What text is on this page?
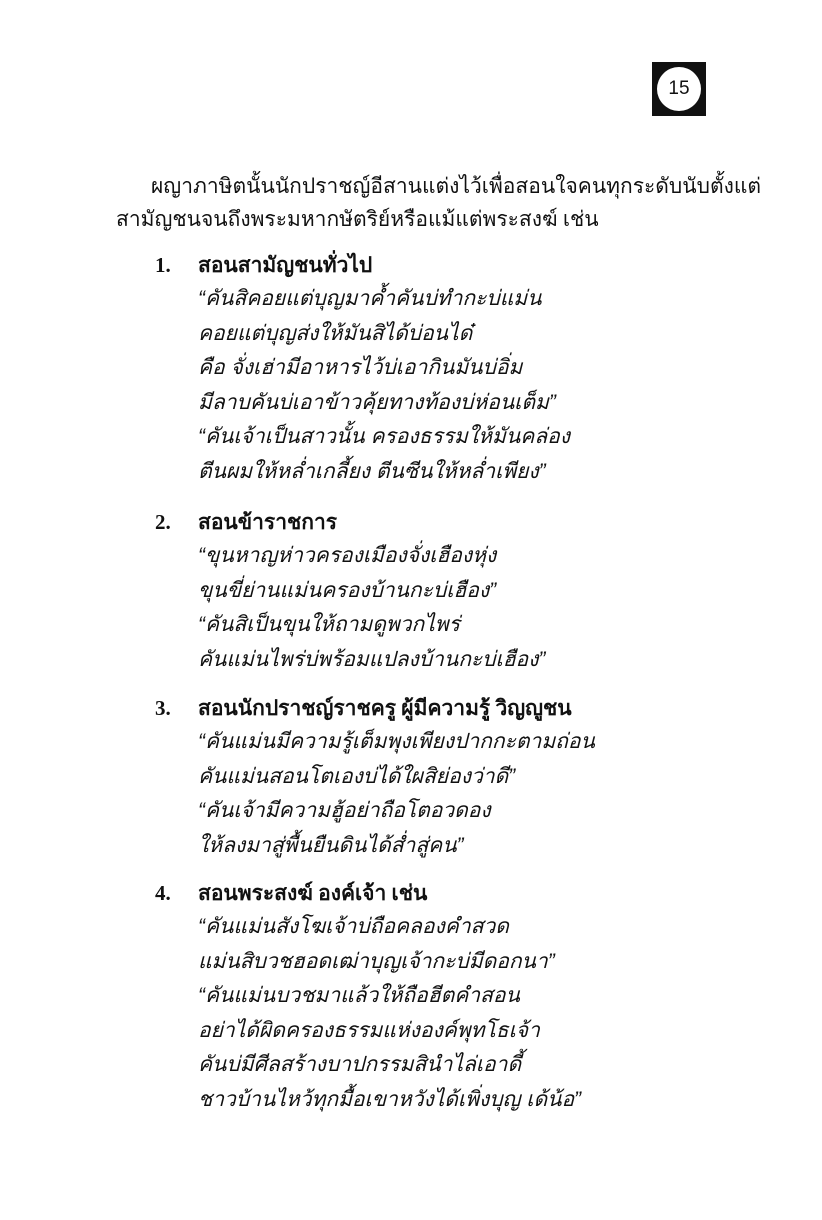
15
ผญาภาษิตนั้นนักปราชญ์อีสานแต่งไว้เพื่อสอนใจคนทุกระดับนับตั้งแต่
สามัญชนจนถึงพระมหากษัตริย์หรือแม้แต่พระสงฆ์ เช่น
1. สอนสามัญชนทั่วไป
“คันสิคอยแต่บุญมาค้ำคันบ่ทำกะบ่แม่น
คอยแต่บุญส่งให้มันสิได้บ่อนได๋
คือ จั่งเฮ่ามีอาหารไว้บ่เอากินมันบ่อิ่ม
มีลาบคันบ่เอาข้าวคุ้ยทางท้องบ่ห่อนเต็ม”
“คันเจ้าเป็นสาวนั้น ครองธรรมให้มันคล่อง
ตีนผมให้หล่ำเกลี้ยง ตีนซีนให้หล่ำเพียง”
2. สอนข้าราชการ
“ขุนหาญห่าวครองเมืองจั่งเฮืองหุ่ง
ขุนขี่ย่านแม่นครองบ้านกะบ่เฮือง”
“คันสิเป็นขุนให้ถามดูพวกไพร่
คันแม่นไพร่บ่พร้อมแปลงบ้านกะบ่เฮือง”
3. สอนนักปราชญ์ราชครู ผู้มีความรู้ วิญญูชน
“คันแม่นมีความรู้เต็มพุงเพียงปากกะตามถ่อน
คันแม่นสอนโตเองบ่ได้ใผสิย่องว่าดี”
“คันเจ้ามีความฮู้อย่าถือโตอวดอง
ให้ลงมาสู่พื้นยืนดินได้ส่ำสู่คน”
4. สอนพระสงฆ์ องค์เจ้า เช่น
“คันแม่นสังโฆเจ้าบ่ถือคลองคำสวด
แม่นสิบวชฮอดเฒ่าบุญเจ้ากะบ่มีดอกนา”
“คันแม่นบวชมาแล้วให้ถือฮีตคำสอน
อย่าได้ผิดครองธรรมแห่งองค์พุทโธเจ้า
คันบ่มีศีลสร้างบาปกรรมสินำไล่เอาดี้
ชาวบ้านไหว้ทุกมื้อเขาหวังได้เพิ่งบุญ เด้น้อ”
